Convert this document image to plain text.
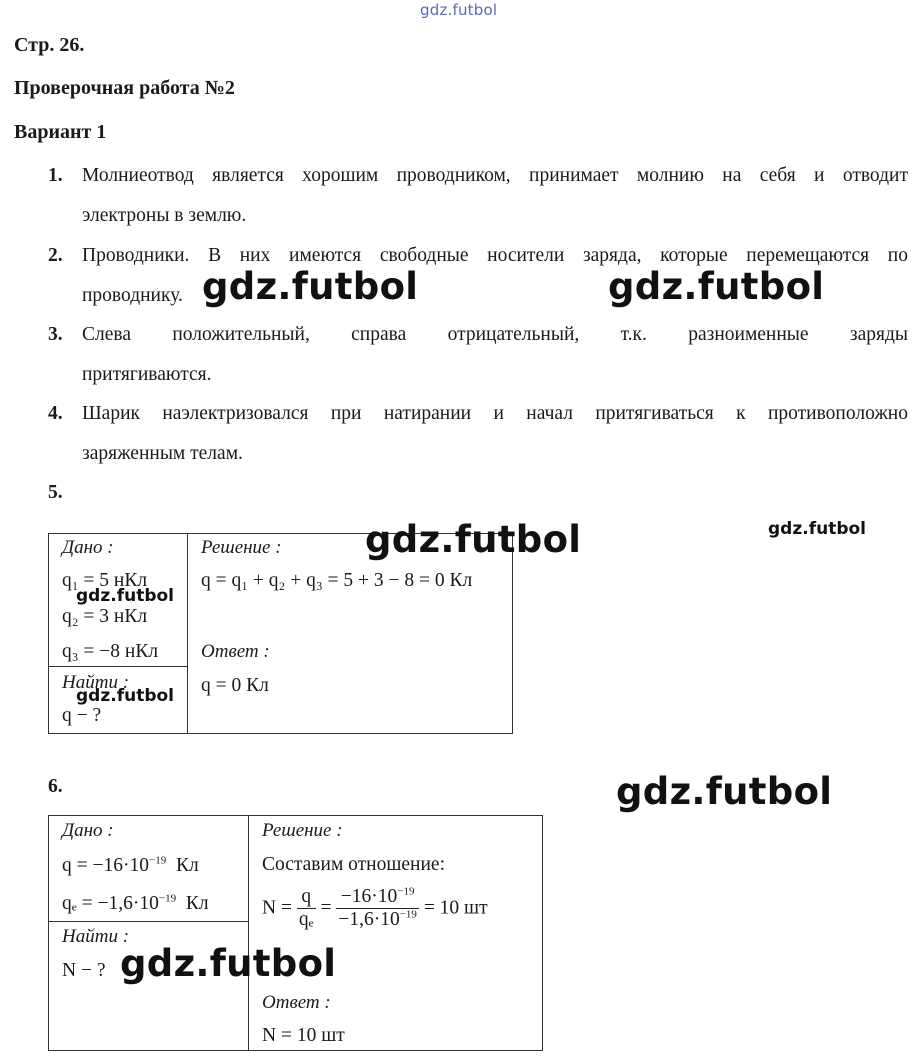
gdz.futbol
Стр. 26.
Проверочная работа №2
Вариант 1
1. Молниеотвод является хорошим проводником, принимает молнию на себя и отводит
электроны в землю.
2. Проводники. В них имеются свободные носители заряда, которые перемещаются по
проводнику.
3. Слева положительный, справа отрицательный, т.к. разноименные заряды
притягиваются.
4. Шарик наэлектризовался при натирании и начал притягиваться к противоположно
заряженным телам.
5.
Дано :
q₁ = 5 нКл
q₂ = 3 нКл
q₃ = −8 нКл
Найти :
q − ?
Решение :
q = q₁ + q₂ + q₃ = 5 + 3 − 8 = 0 Кл
Ответ :
q = 0 Кл
6.
Дано :
$q = -16\cdot 10^{-19}$ Кл
$q_e = -1,6\cdot 10^{-19}$ Кл
Найти :
N − ?
Решение :
Составим отношение:
$N = \frac{q}{\text{qₑ}} = \frac{-16\cdot 10^{-19}}{-1,6\cdot 10^{-19}} = 10$ шт
Ответ :
N = 10 шт
gdz.futbol	gdz.futbol
gdz.futbol	gdz.futbol
gdz.futbol
gdz.futbol
gdz.futbol
gdz.futbol
